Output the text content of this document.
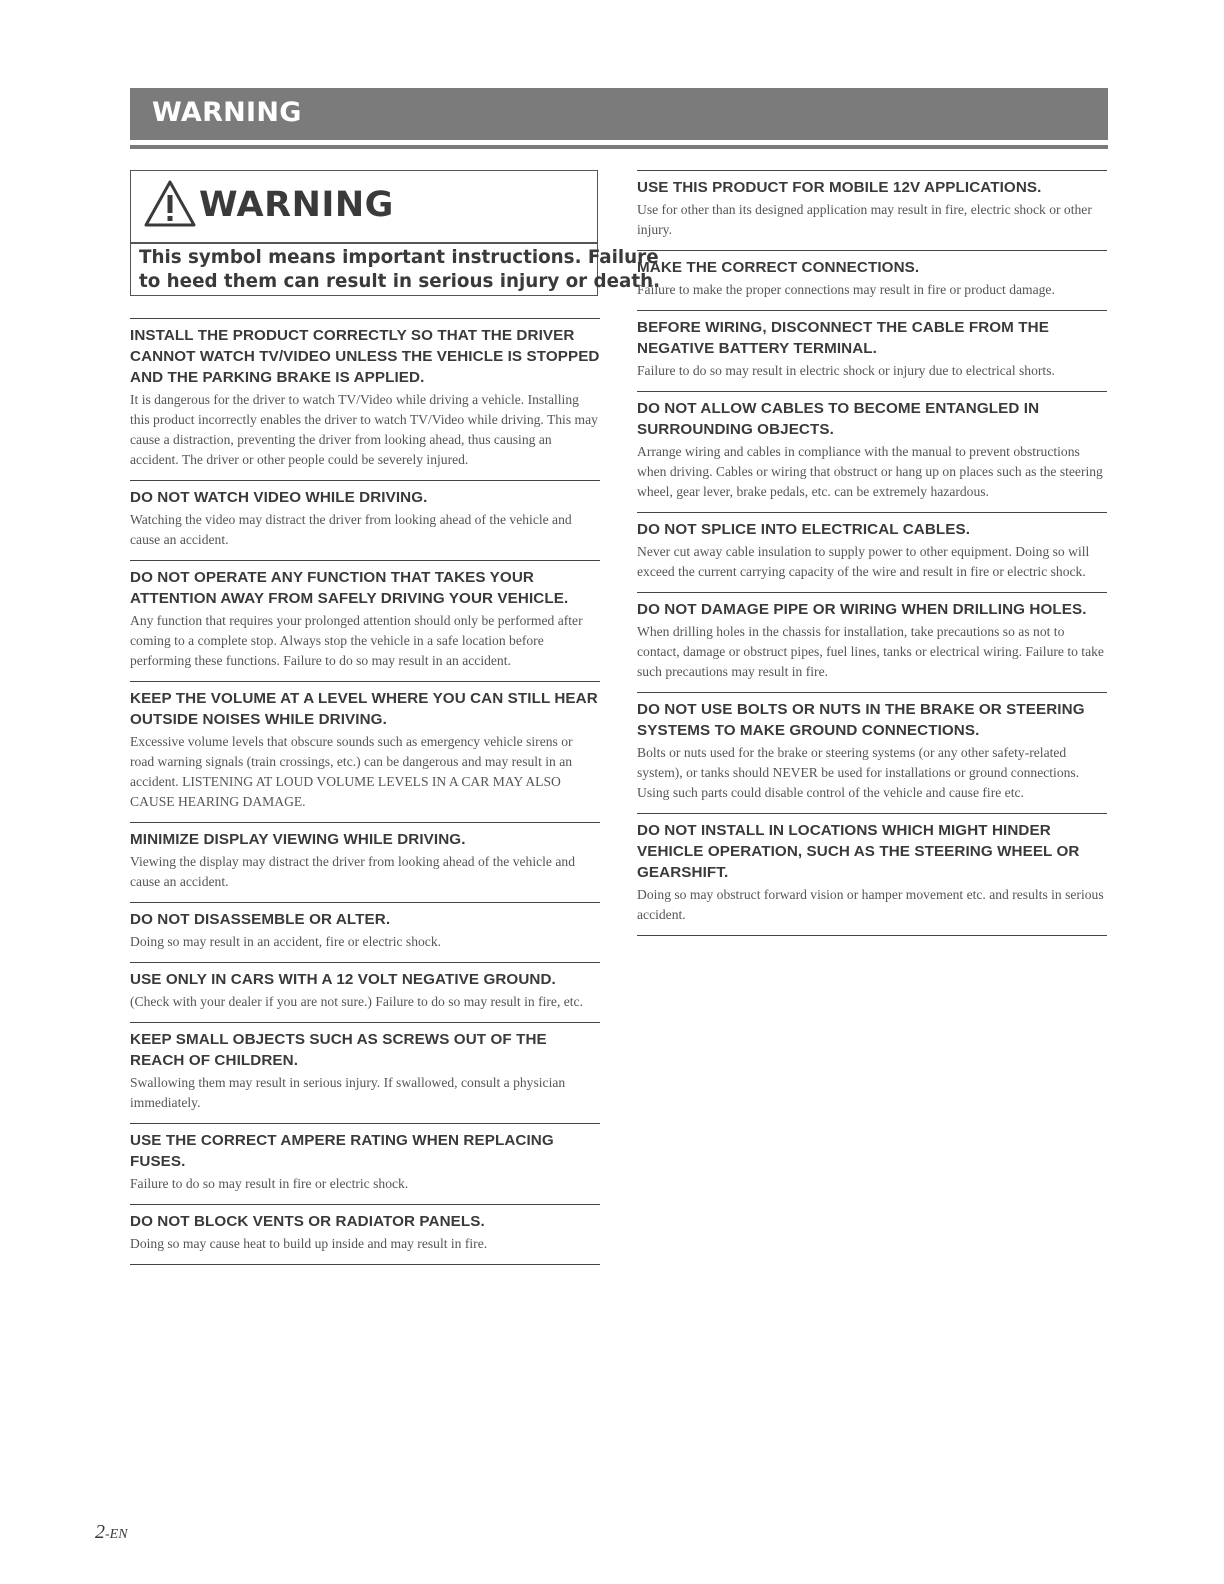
WARNING
WARNING
This symbol means important instructions. Failure
to heed them can result in serious injury or death.

INSTALL THE PRODUCT CORRECTLY SO THAT THE DRIVER CANNOT WATCH TV/VIDEO UNLESS THE VEHICLE IS STOPPED AND THE PARKING BRAKE IS APPLIED.

It is dangerous for the driver to watch TV/Video while driving a vehicle. Installing this product incorrectly enables the driver to watch TV/Video while driving. This may cause a distraction, preventing the driver from looking ahead, thus causing an accident. The driver or other people could be severely injured.

DO NOT WATCH VIDEO WHILE DRIVING.

Watching the video may distract the driver from looking ahead of the vehicle and cause an accident.

DO NOT OPERATE ANY FUNCTION THAT TAKES YOUR ATTENTION AWAY FROM SAFELY DRIVING YOUR VEHICLE.

Any function that requires your prolonged attention should only be performed after coming to a complete stop. Always stop the vehicle in a safe location before performing these functions. Failure to do so may result in an accident.

KEEP THE VOLUME AT A LEVEL WHERE YOU CAN STILL HEAR OUTSIDE NOISES WHILE DRIVING.

Excessive volume levels that obscure sounds such as emergency vehicle sirens or road warning signals (train crossings, etc.) can be dangerous and may result in an accident. LISTENING AT LOUD VOLUME LEVELS IN A CAR MAY ALSO CAUSE HEARING DAMAGE.

MINIMIZE DISPLAY VIEWING WHILE DRIVING.

Viewing the display may distract the driver from looking ahead of the vehicle and cause an accident.

DO NOT DISASSEMBLE OR ALTER.

Doing so may result in an accident, fire or electric shock.

USE ONLY IN CARS WITH A 12 VOLT NEGATIVE GROUND.

(Check with your dealer if you are not sure.) Failure to do so may result in fire, etc.

KEEP SMALL OBJECTS SUCH AS SCREWS OUT OF THE REACH OF CHILDREN.

Swallowing them may result in serious injury. If swallowed, consult a physician immediately.

USE THE CORRECT AMPERE RATING WHEN REPLACING FUSES.

Failure to do so may result in fire or electric shock.

DO NOT BLOCK VENTS OR RADIATOR PANELS.

Doing so may cause heat to build up inside and may result in fire.

USE THIS PRODUCT FOR MOBILE 12V APPLICATIONS.

Use for other than its designed application may result in fire, electric shock or other injury.

MAKE THE CORRECT CONNECTIONS.

Failure to make the proper connections may result in fire or product damage.

BEFORE WIRING, DISCONNECT THE CABLE FROM THE NEGATIVE BATTERY TERMINAL.

Failure to do so may result in electric shock or injury due to electrical shorts.

DO NOT ALLOW CABLES TO BECOME ENTANGLED IN SURROUNDING OBJECTS.

Arrange wiring and cables in compliance with the manual to prevent obstructions when driving. Cables or wiring that obstruct or hang up on places such as the steering wheel, gear lever, brake pedals, etc. can be extremely hazardous.

DO NOT SPLICE INTO ELECTRICAL CABLES.

Never cut away cable insulation to supply power to other equipment. Doing so will exceed the current carrying capacity of the wire and result in fire or electric shock.

DO NOT DAMAGE PIPE OR WIRING WHEN DRILLING HOLES.

When drilling holes in the chassis for installation, take precautions so as not to contact, damage or obstruct pipes, fuel lines, tanks or electrical wiring. Failure to take such precautions may result in fire.

DO NOT USE BOLTS OR NUTS IN THE BRAKE OR STEERING SYSTEMS TO MAKE GROUND CONNECTIONS.

Bolts or nuts used for the brake or steering systems (or any other safety-related system), or tanks should NEVER be used for installations or ground connections. Using such parts could disable control of the vehicle and cause fire etc.

DO NOT INSTALL IN LOCATIONS WHICH MIGHT HINDER VEHICLE OPERATION, SUCH AS THE STEERING WHEEL OR GEARSHIFT.

Doing so may obstruct forward vision or hamper movement etc. and results in serious accident.

2-EN
